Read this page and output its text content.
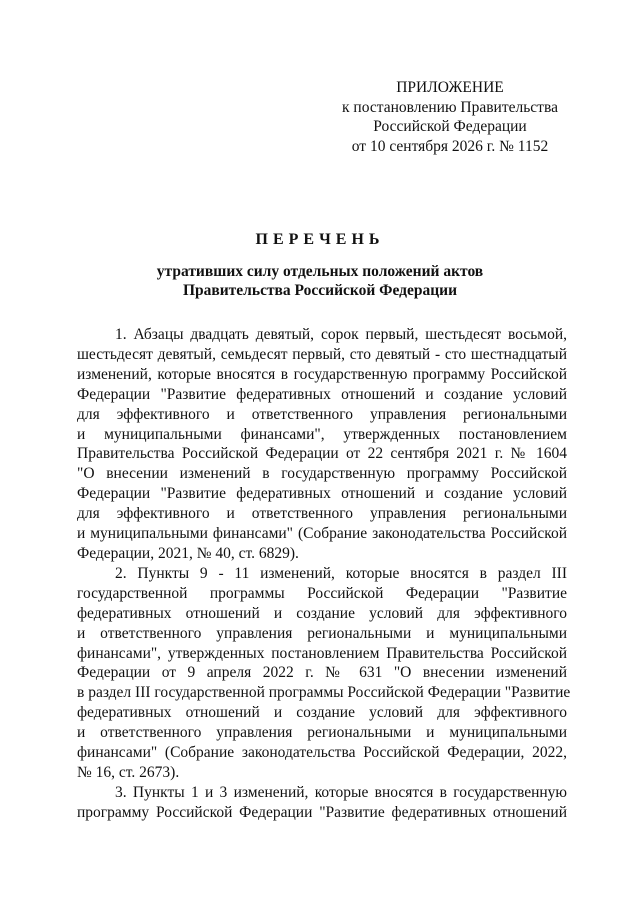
ПРИЛОЖЕНИЕ
к постановлению Правительства
Российской Федерации
от 10 сентября 2026 г. № 1152
ПЕРЕЧЕНЬ
утративших силу отдельных положений актов
Правительства Российской Федерации

1. Абзацы двадцать девятый, сорок первый, шестьдесят восьмой,
шестьдесят девятый, семьдесят первый, сто девятый - сто шестнадцатый
изменений, которые вносятся в государственную программу Российской
Федерации "Развитие федеративных отношений и создание условий
для эффективного и ответственного управления региональными
и муниципальными финансами", утвержденных постановлением
Правительства Российской Федерации от 22 сентября 2021 г. № 1604
"О внесении изменений в государственную программу Российской
Федерации "Развитие федеративных отношений и создание условий
для эффективного и ответственного управления региональными
и муниципальными финансами" (Собрание законодательства Российской
Федерации, 2021, № 40, ст. 6829).

2. Пункты 9 - 11 изменений, которые вносятся в раздел III
государственной программы Российской Федерации "Развитие
федеративных отношений и создание условий для эффективного
и ответственного управления региональными и муниципальными
финансами", утвержденных постановлением Правительства Российской
Федерации от 9 апреля 2022 г. № 631 "О внесении изменений
в раздел III государственной программы Российской Федерации "Развитие
федеративных отношений и создание условий для эффективного
и ответственного управления региональными и муниципальными
финансами" (Собрание законодательства Российской Федерации, 2022,
№ 16, ст. 2673).

3. Пункты 1 и 3 изменений, которые вносятся в государственную
программу Российской Федерации "Развитие федеративных отношений
